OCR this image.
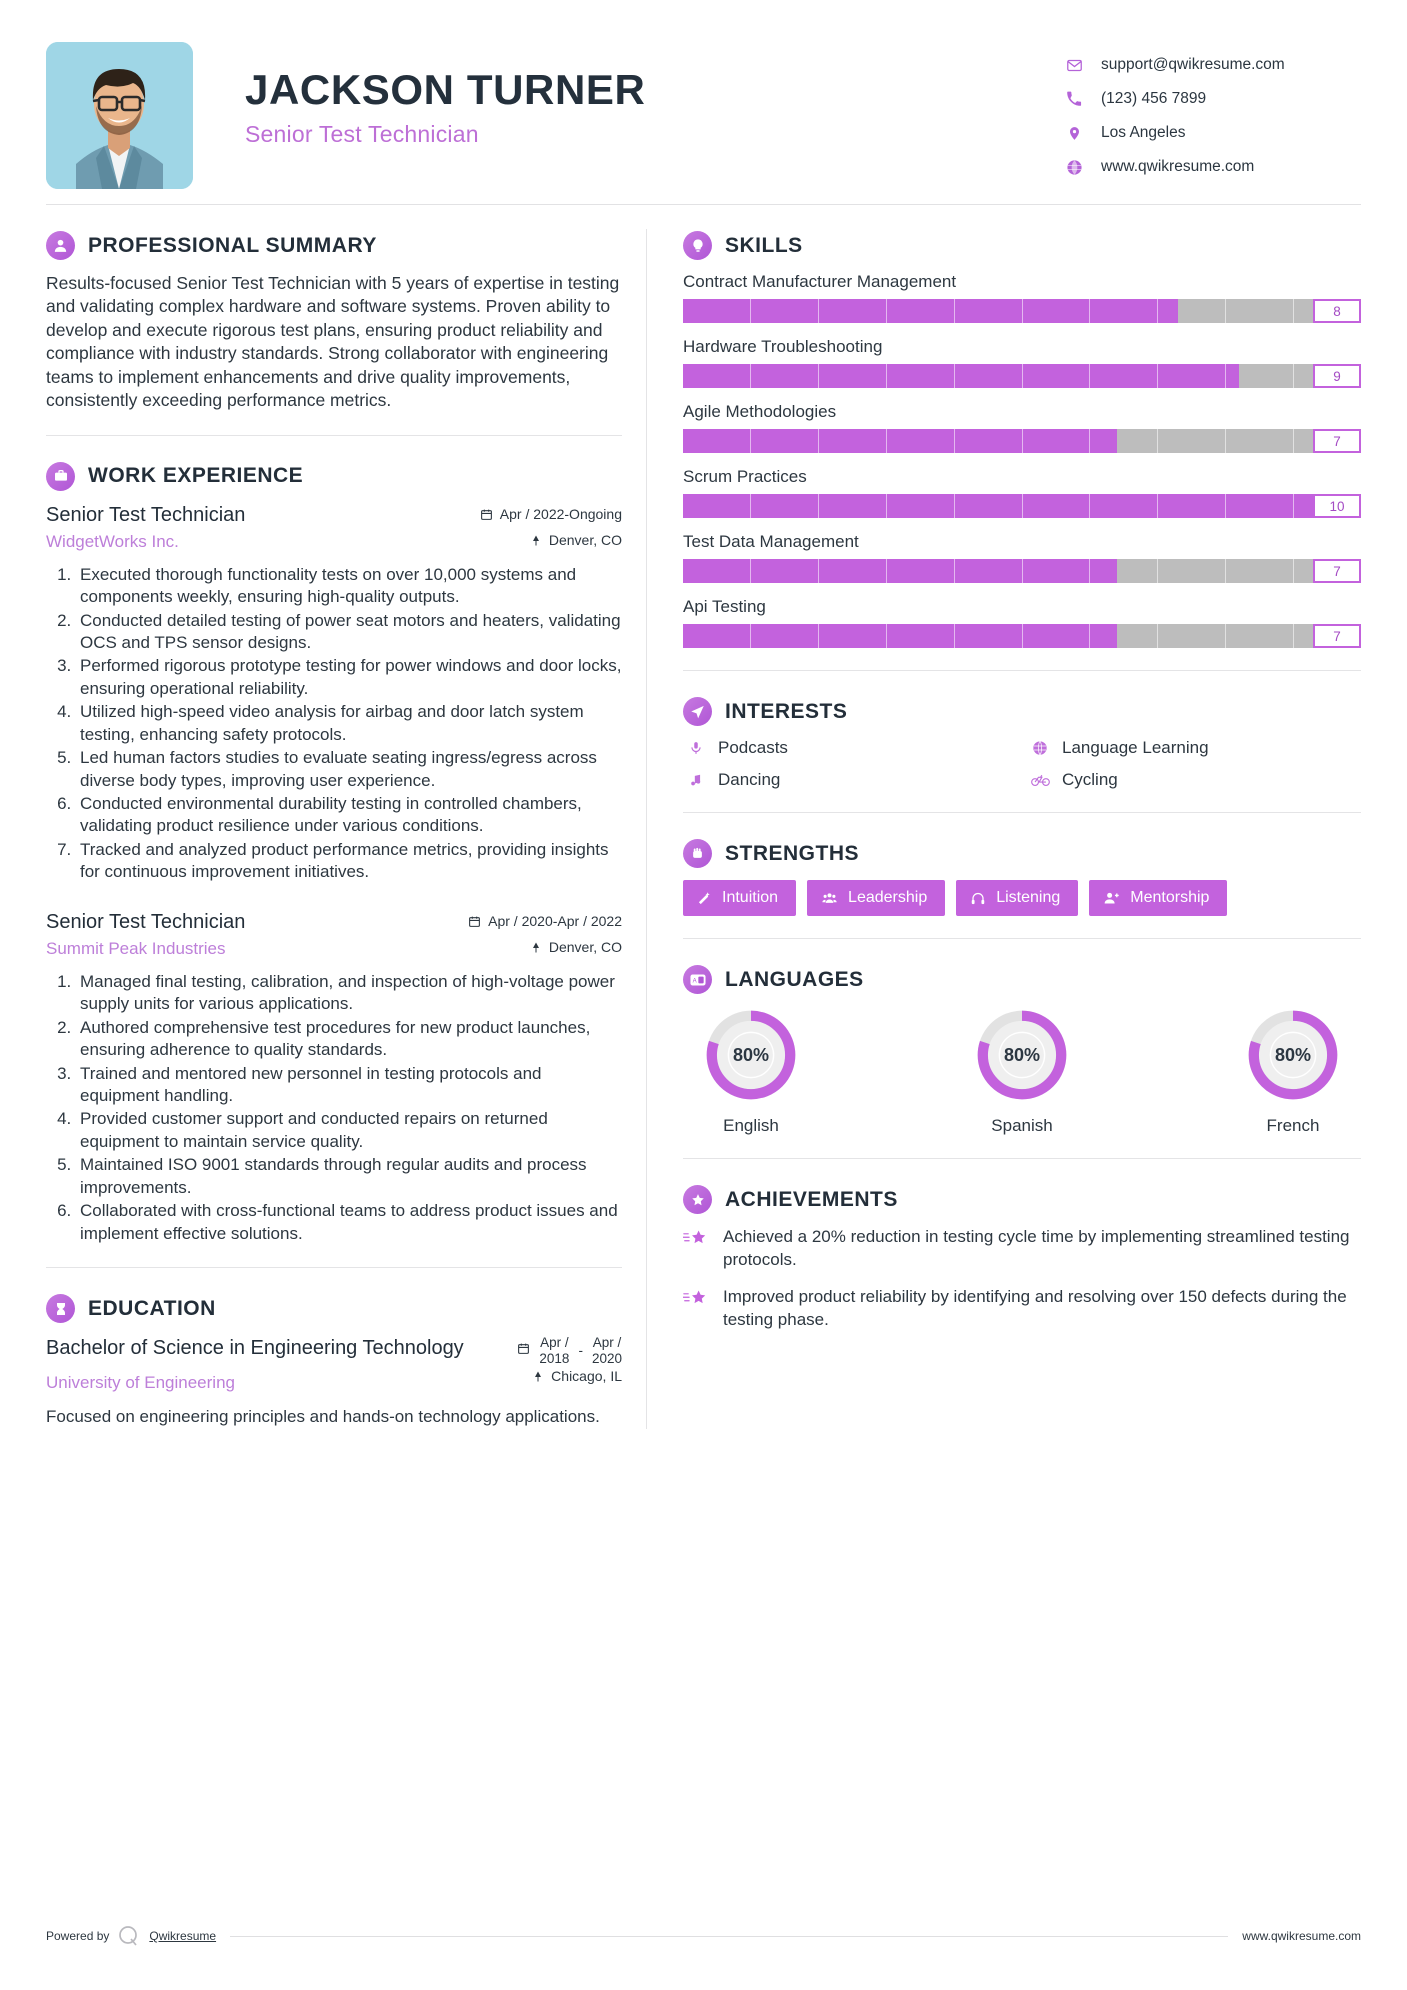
JACKSON TURNER
Senior Test Technician
support@qwikresume.com
(123) 456 7899
Los Angeles
www.qwikresume.com
PROFESSIONAL SUMMARY
Results-focused Senior Test Technician with 5 years of expertise in testing and validating complex hardware and software systems. Proven ability to develop and execute rigorous test plans, ensuring product reliability and compliance with industry standards. Strong collaborator with engineering teams to implement enhancements and drive quality improvements, consistently exceeding performance metrics.
WORK EXPERIENCE
Senior Test Technician	Apr / 2022-Ongoing
WidgetWorks Inc.	Denver, CO
1. Executed thorough functionality tests on over 10,000 systems and components weekly, ensuring high-quality outputs.
2. Conducted detailed testing of power seat motors and heaters, validating OCS and TPS sensor designs.
3. Performed rigorous prototype testing for power windows and door locks, ensuring operational reliability.
4. Utilized high-speed video analysis for airbag and door latch system testing, enhancing safety protocols.
5. Led human factors studies to evaluate seating ingress/egress across diverse body types, improving user experience.
6. Conducted environmental durability testing in controlled chambers, validating product resilience under various conditions.
7. Tracked and analyzed product performance metrics, providing insights for continuous improvement initiatives.
Senior Test Technician	Apr / 2020-Apr / 2022
Summit Peak Industries	Denver, CO
1. Managed final testing, calibration, and inspection of high-voltage power supply units for various applications.
2. Authored comprehensive test procedures for new product launches, ensuring adherence to quality standards.
3. Trained and mentored new personnel in testing protocols and equipment handling.
4. Provided customer support and conducted repairs on returned equipment to maintain service quality.
5. Maintained ISO 9001 standards through regular audits and process improvements.
6. Collaborated with cross-functional teams to address product issues and implement effective solutions.
EDUCATION
Bachelor of Science in Engineering Technology	Apr /
2018
-
Apr /
2020
University of Engineering	Chicago, IL
Focused on engineering principles and hands-on technology applications.
SKILLS
Contract Manufacturer Management
8
Hardware Troubleshooting
9
Agile Methodologies
7
Scrum Practices
10
Test Data Management
7
Api Testing
7
INTERESTS
Podcasts	Language Learning
Dancing	Cycling
STRENGTHS
Intuition	Leadership	Listening	Mentorship
A LANGUAGES
80%
English
80%
Spanish
80%
French
ACHIEVEMENTS
Achieved a 20% reduction in testing cycle time by implementing streamlined testing protocols.
Improved product reliability by identifying and resolving over 150 defects during the testing phase.
Powered by	Qwikresume	www.qwikresume.com
